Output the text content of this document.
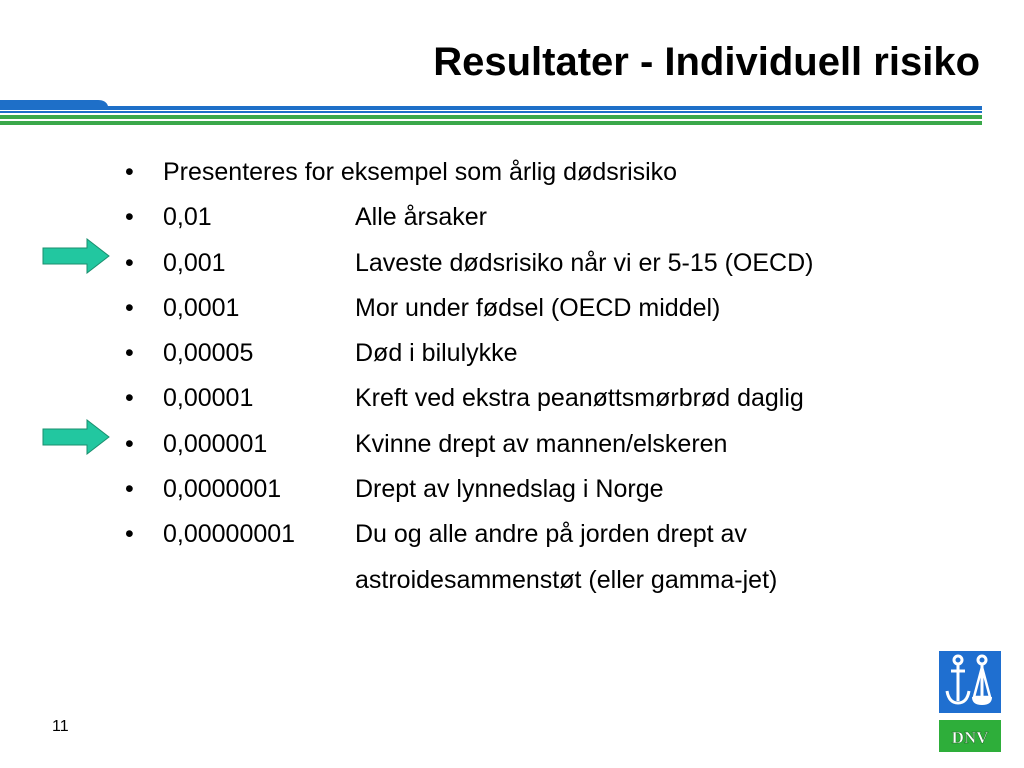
Resultater - Individuell risiko
•	Presenteres for eksempel som årlig dødsrisiko
•	0,01	Alle årsaker
•	0,001	Laveste dødsrisiko når vi er 5-15 (OECD)
•	0,0001	Mor under fødsel (OECD middel)
•	0,00005	Død i bilulykke
•	0,00001	Kreft ved ekstra peanøttsmørbrød daglig
•	0,000001	Kvinne drept av mannen/elskeren
•	0,0000001	Drept av lynnedslag i Norge
•	0,00000001 Du og alle andre på jorden drept av
astroidesammenstøt (eller gamma-jet)
11
DNV
